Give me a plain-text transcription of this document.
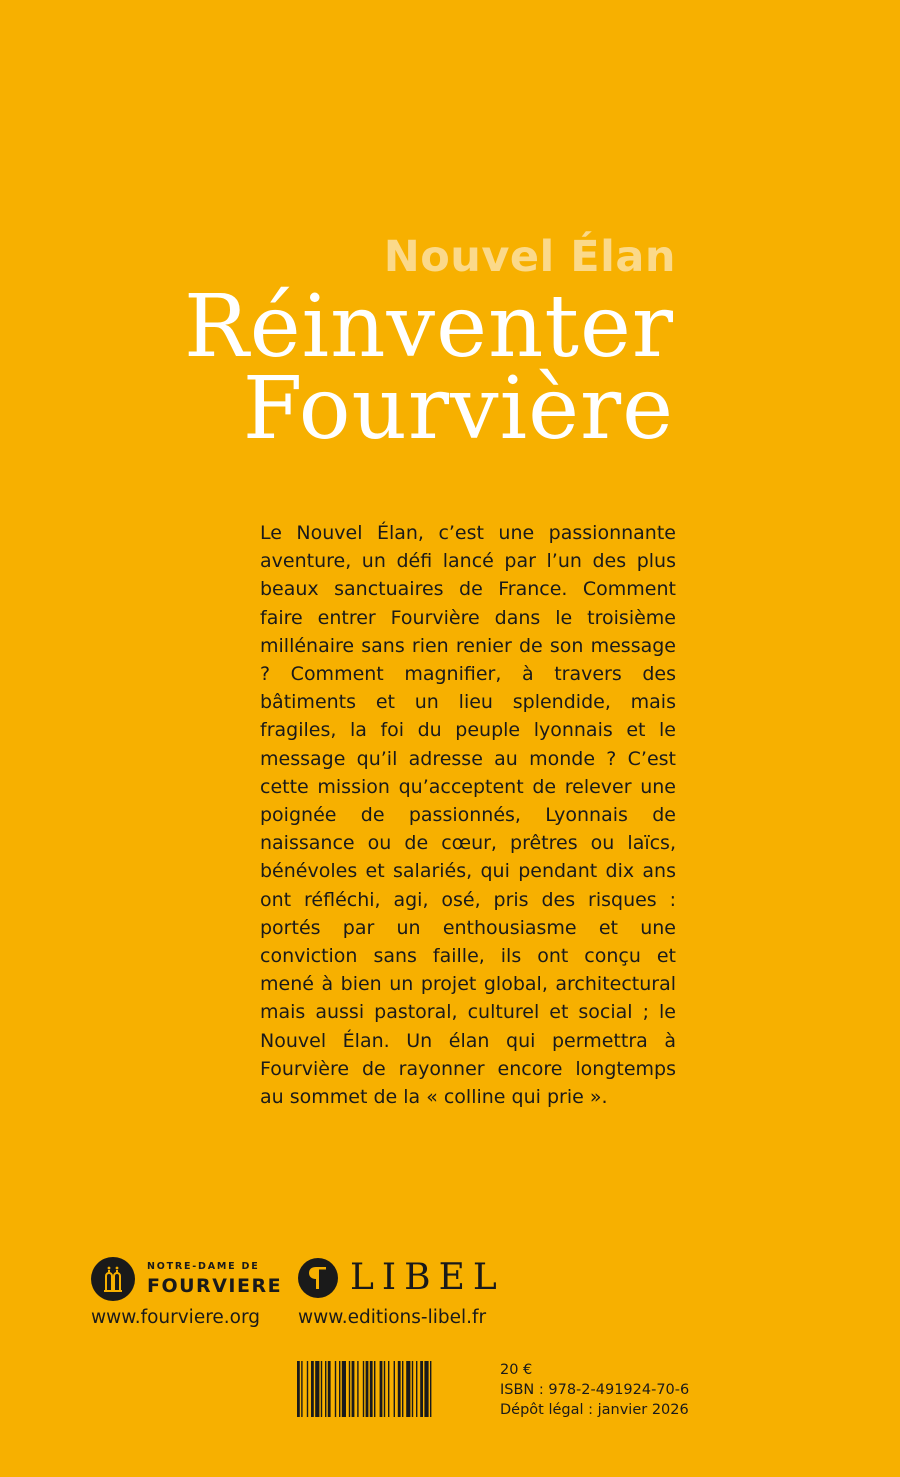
Nouvel Élan
Réinventer
Fourvière

Le Nouvel Élan, c’est une passionnante aventure, un défi lancé par l’un des plus beaux sanctuaires de France. Comment faire entrer Fourvière dans le troisième millénaire sans rien renier de son message ? Comment magnifier, à travers des bâtiments et un lieu splendide, mais fragiles, la foi du peuple lyonnais et le message qu’il adresse au monde ? C’est cette mission qu’acceptent de relever une poignée de passionnés, Lyonnais de naissance ou de cœur, prêtres ou laïcs, bénévoles et salariés, qui pendant dix ans ont réfléchi, agi, osé, pris des risques : portés par un enthousiasme et une conviction sans faille, ils ont conçu et mené à bien un projet global, architectural mais aussi pastoral, culturel et social ; le Nouvel Élan. Un élan qui permettra à Fourvière de rayonner encore longtemps au sommet de la « colline qui prie ».

NOTRE-DAME DE
FOURVIERE
www.fourviere.org
LIBEL
www.editions-libel.fr
20 €
ISBN : 978-2-491924-70-6
Dépôt légal : janvier 2026
